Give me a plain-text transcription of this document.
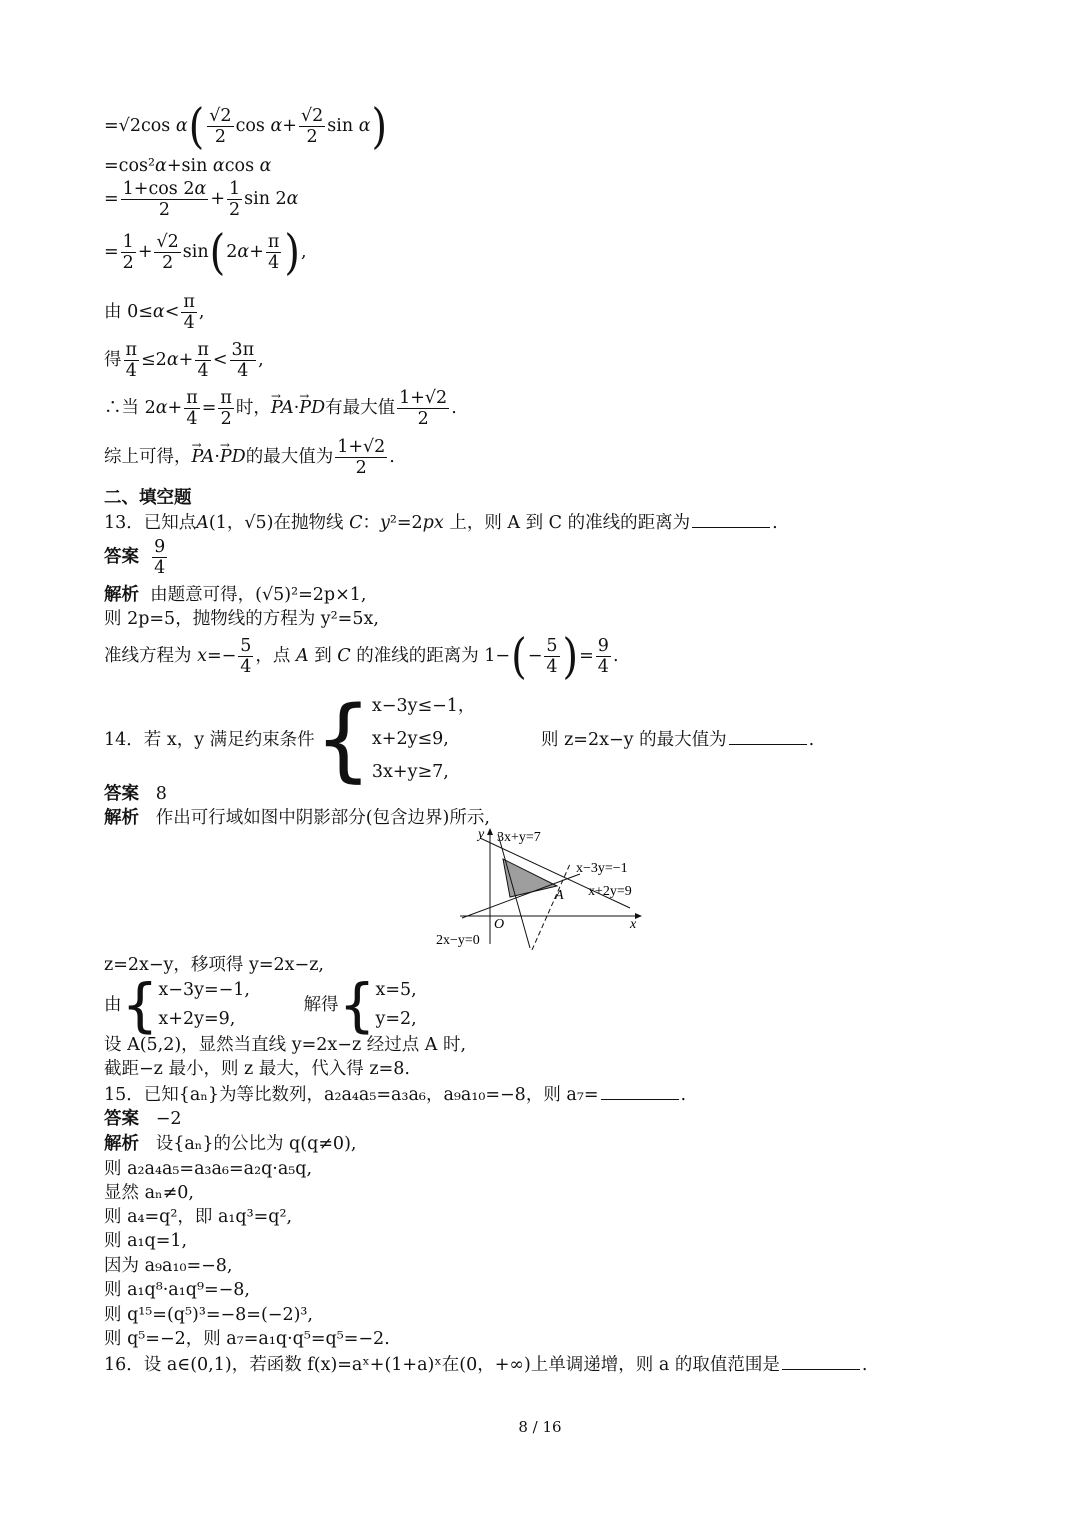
=√2cos $\alpha( \frac{√2}{2}$ $\cos \alpha+ \frac{√2}{2}$ sin α)
=cos²α+sin αcos α
= $\frac{1+\cos 2\alpha}{2} + \frac{1}{2}$ sin 2α
= $\frac{1}{2} + \frac{√2}{2} \sin(2\alpha+ \frac{\pi}{4}$ ),
由 $0\le\alpha< \frac{\pi}{4}$ ,
得 $\frac{\pi}{4} \le 2\alpha+ \frac{\pi}{4} < \frac{3\pi}{4}$ ,
∴当 $2\alpha+ \frac{\pi}{4} = \frac{\pi}{2}$ 时，→ PA·→ PD有最大值 $\frac{1+√2}{2}$ .
综上可得，→ PA·→ PD的最大值为 $\frac{1+√2}{2}$ .
二、填空题
13．已知点A(1，√5)在抛物线 C：y²=2px 上，则 A 到 C 的准线的距离为	.
答案 $\frac{9}{4}$
解析 由题意可得，(√5)²=2p×1,
则 2p=5，抛物线的方程为 y²=5x,
准线方程为 $x=- \frac{5}{4}$ ，点 A 到 C 的准线的距离为 $1-(- \frac{5}{4}$ )= $\frac{9}{4}$ .
14．若 x，y 满足约束条件{ x−3y≤−1，
x+2y≤9,
3x+y≥7,
则 z=2x−y 的最大值为	.
答案 8
解析 作出可行域如图中阴影部分(包含边界)所示,
y
x
O
A
3x+y=7
x−3y=−1
x+2y=9
2x−y=0
z=2x−y，移项得 y=2x−z,
由{ x−3y=−1,
x+2y=9,
解得{ x=5,
y=2,
设 A(5,2)，显然当直线 y=2x−z 经过点 A 时,
截距−z 最小，则 z 最大，代入得 z=8.
15．已知{aₙ}为等比数列，a₂a₄a₅=a₃a₆，a₉a₁₀=−8，则 a₇=	.
答案 −2
解析 设{aₙ}的公比为 q(q≠0),
则 a₂a₄a₅=a₃a₆=a₂q·a₅q,
显然 aₙ≠0,
则 a₄=q²，即 a₁q³=q²,
则 a₁q=1,
因为 a₉a₁₀=−8,
则 a₁q⁸·a₁q⁹=−8,
则 q¹⁵=(q⁵)³=−8=(−2)³,
则 q⁵=−2，则 a₇=a₁q·q⁵=q⁵=−2.
16．设 a∈(0,1)，若函数 f(x)=aˣ+(1+a)ˣ在(0，+∞)上单调递增，则 a 的取值范围是	.
8 / 16
